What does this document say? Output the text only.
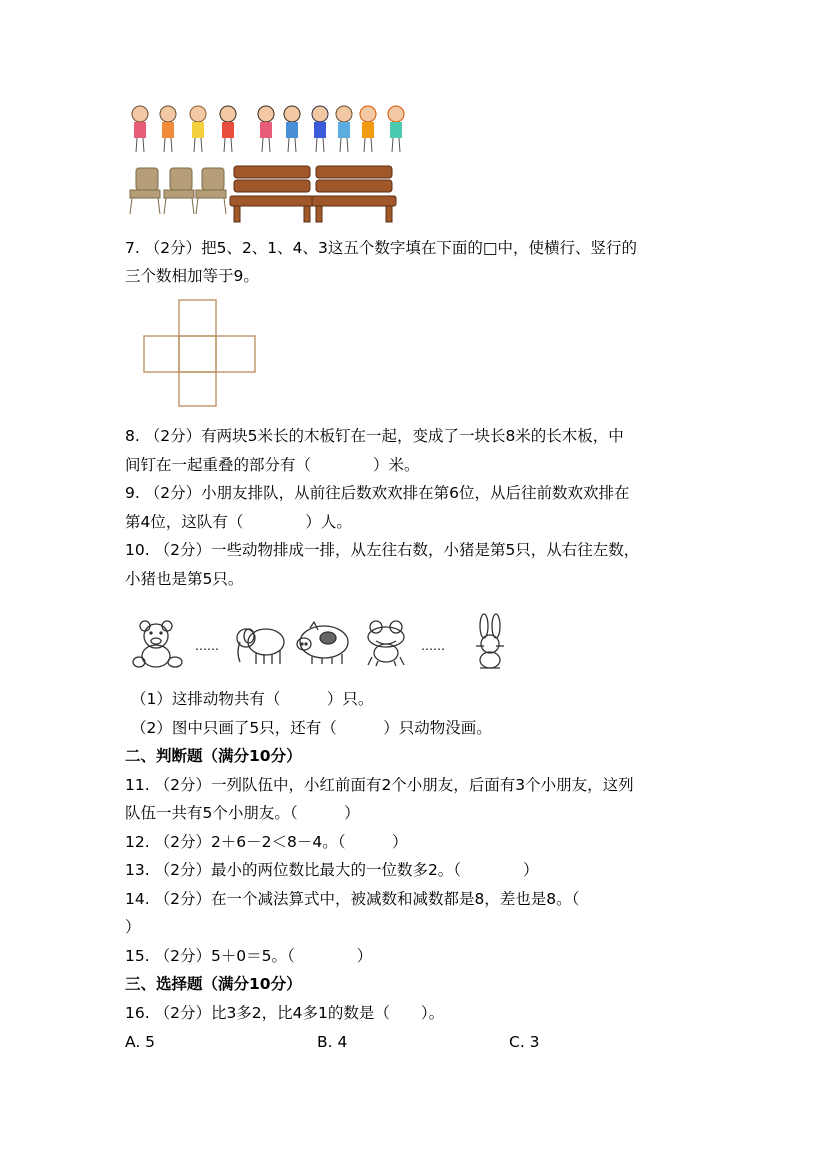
7. （2分）把5、2、1、4、3这五个数字填在下面的□中，使横行、竖行的
三个数相加等于9。
8. （2分）有两块5米长的木板钉在一起，变成了一块长8米的长木板，中
间钉在一起重叠的部分有（　　　　）米。
9. （2分）小朋友排队，从前往后数欢欢排在第6位，从后往前数欢欢排在
第4位，这队有（　　　　）人。
10. （2分）一些动物排成一排，从左往右数，小猪是第5只，从右往左数，
小猪也是第5只。
……	……
（1）这排动物共有（　　　）只。
（2）图中只画了5只，还有（　　　）只动物没画。
二、判断题（满分10分）
11. （2分）一列队伍中，小红前面有2个小朋友，后面有3个小朋友，这列
队伍一共有5个小朋友。（　　　）
12. （2分）2＋6－2＜8－4。（　　　）
13. （2分）最小的两位数比最大的一位数多2。（　　　　）
14. （2分）在一个减法算式中，被减数和减数都是8，差也是8。（
）
15. （2分）5＋0＝5。（　　　　）
三、选择题（满分10分）
16. （2分）比3多2，比4多1的数是（　　）。
A. 5	B. 4	C. 3
